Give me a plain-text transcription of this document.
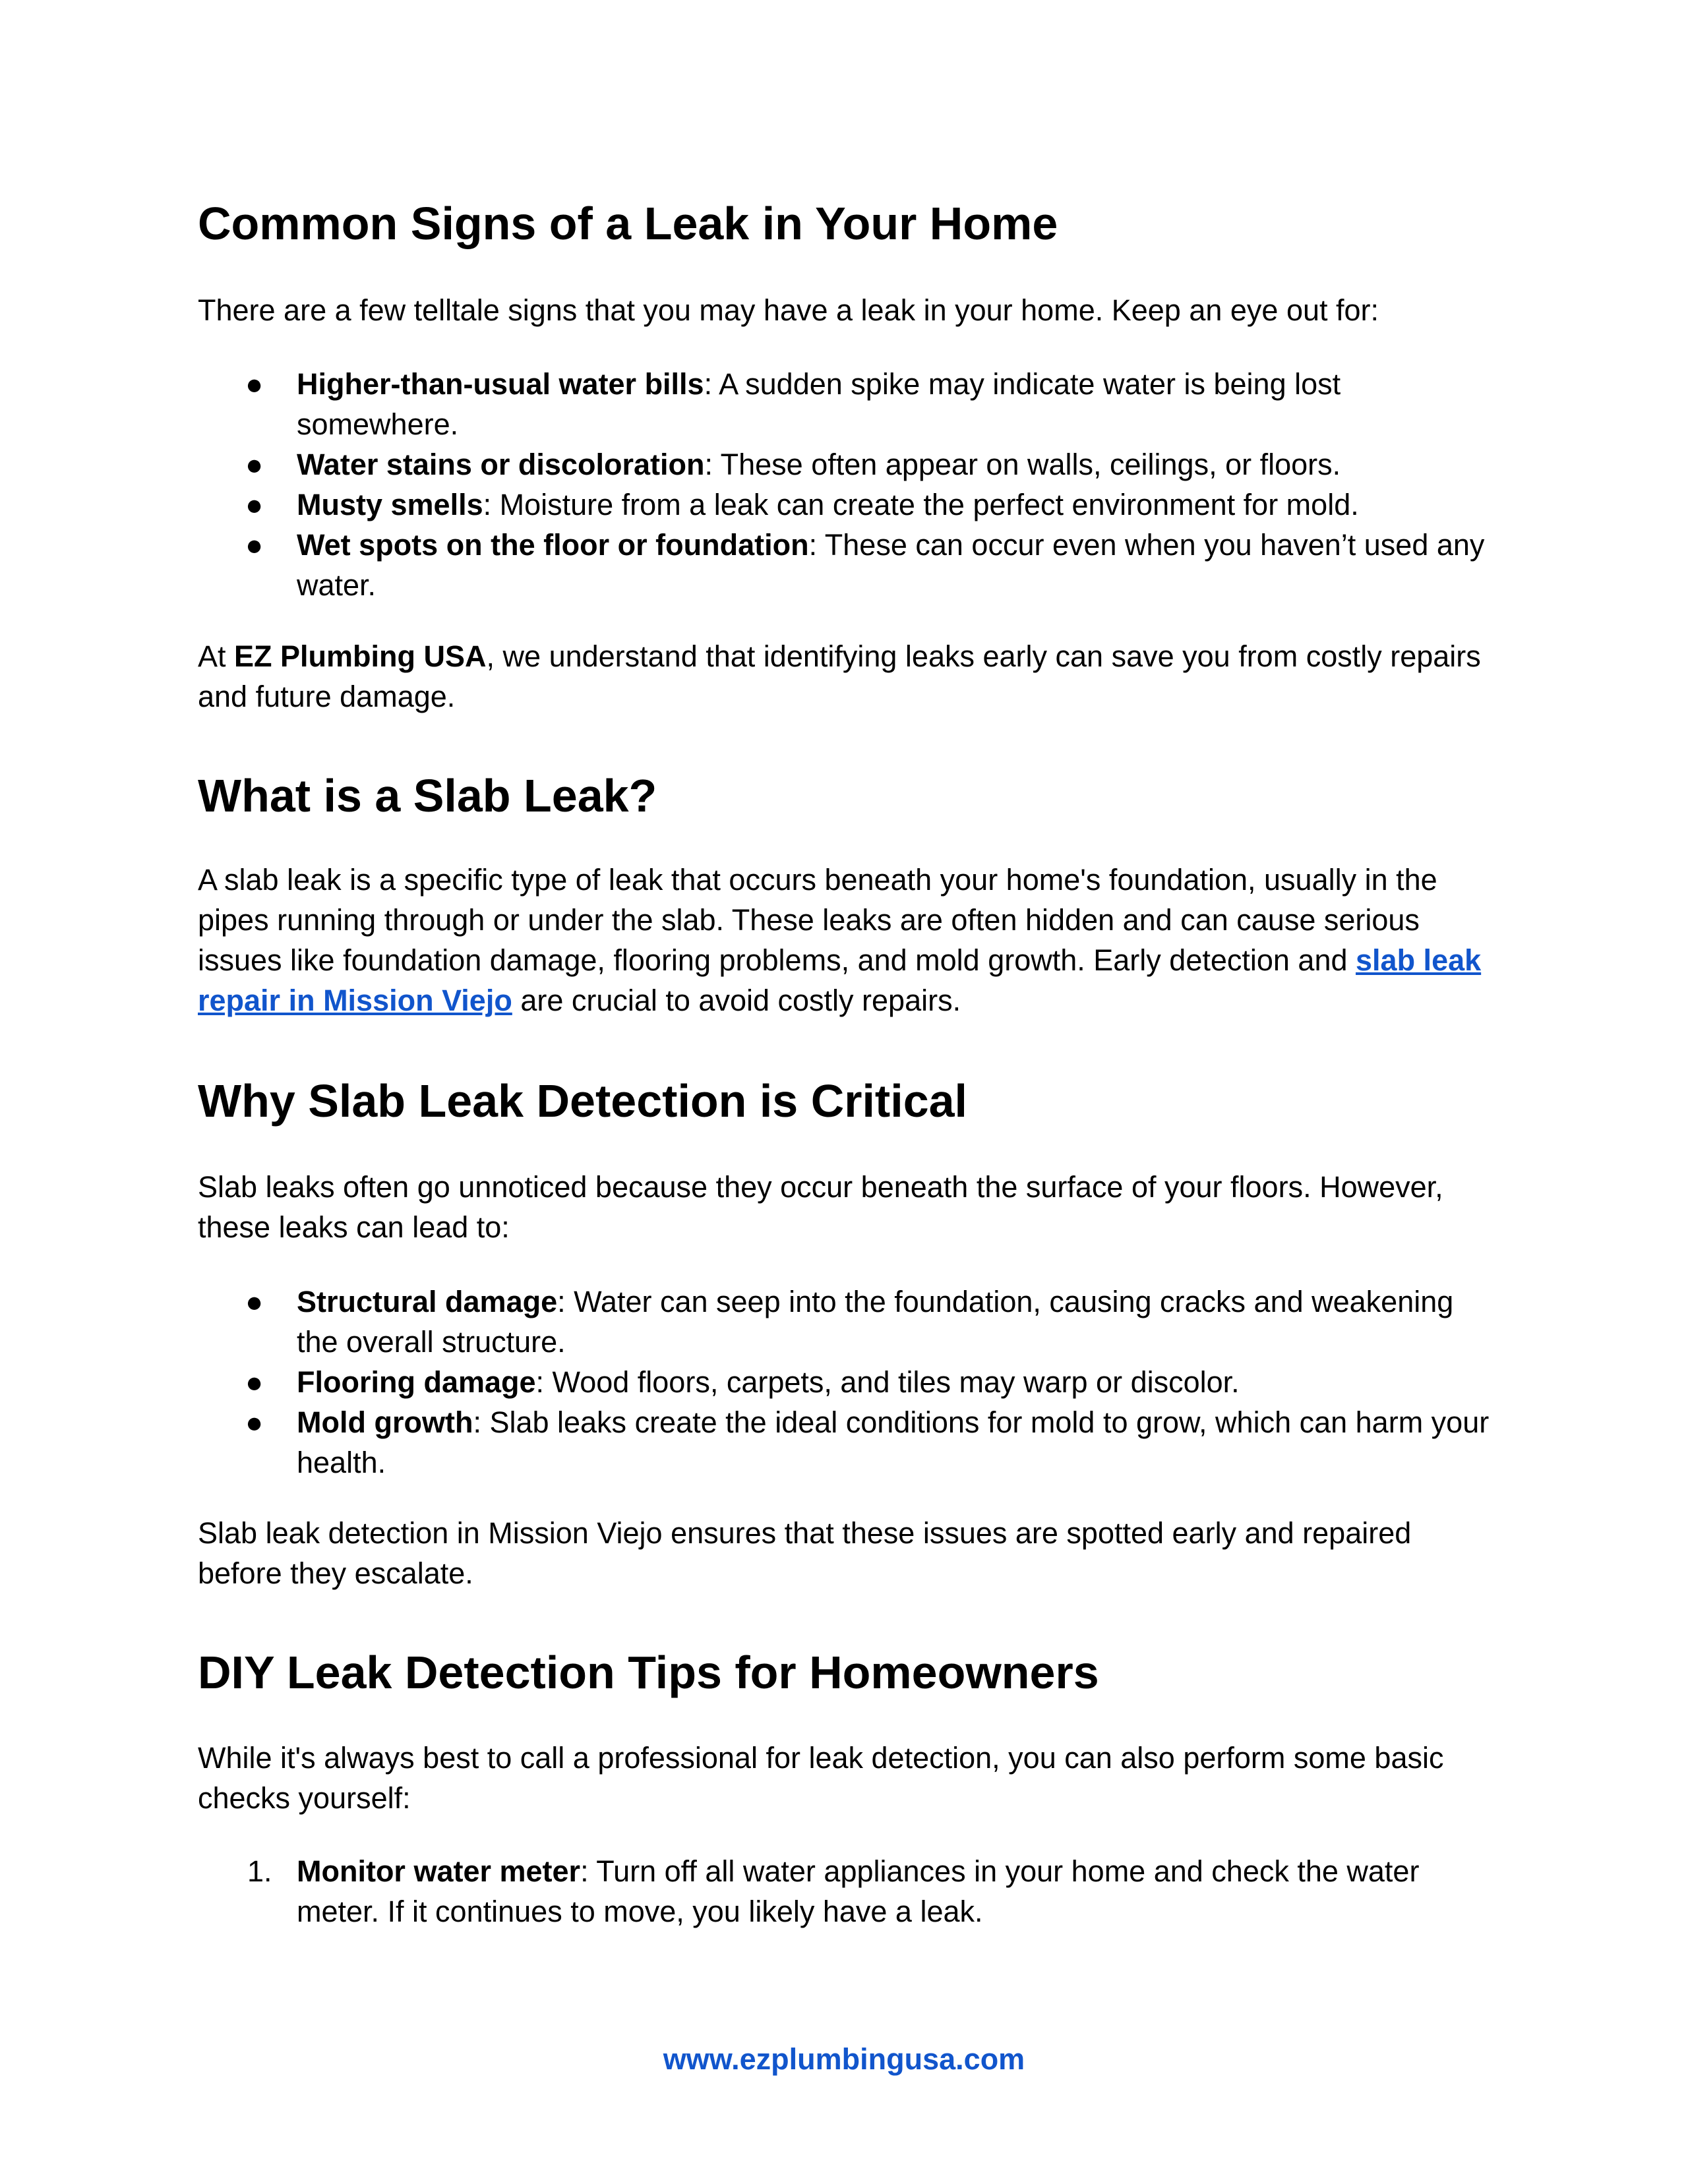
Common Signs of a Leak in Your Home

There are a few telltale signs that you may have a leak in your home. Keep an eye out for:

● Higher-than-usual water bills: A sudden spike may indicate water is being lost somewhere.
● Water stains or discoloration: These often appear on walls, ceilings, or floors.
● Musty smells: Moisture from a leak can create the perfect environment for mold.
● Wet spots on the floor or foundation: These can occur even when you haven’t used any water.

At EZ Plumbing USA, we understand that identifying leaks early can save you from costly repairs and future damage.

What is a Slab Leak?

A slab leak is a specific type of leak that occurs beneath your home's foundation, usually in the pipes running through or under the slab. These leaks are often hidden and can cause serious issues like foundation damage, flooring problems, and mold growth. Early detection and slab leak repair in Mission Viejo are crucial to avoid costly repairs.

Why Slab Leak Detection is Critical

Slab leaks often go unnoticed because they occur beneath the surface of your floors. However, these leaks can lead to:

● Structural damage: Water can seep into the foundation, causing cracks and weakening the overall structure.
● Flooring damage: Wood floors, carpets, and tiles may warp or discolor.
● Mold growth: Slab leaks create the ideal conditions for mold to grow, which can harm your health.

Slab leak detection in Mission Viejo ensures that these issues are spotted early and repaired before they escalate.

DIY Leak Detection Tips for Homeowners

While it's always best to call a professional for leak detection, you can also perform some basic checks yourself:

1. Monitor water meter: Turn off all water appliances in your home and check the water meter. If it continues to move, you likely have a leak.
www.ezplumbingusa.com
